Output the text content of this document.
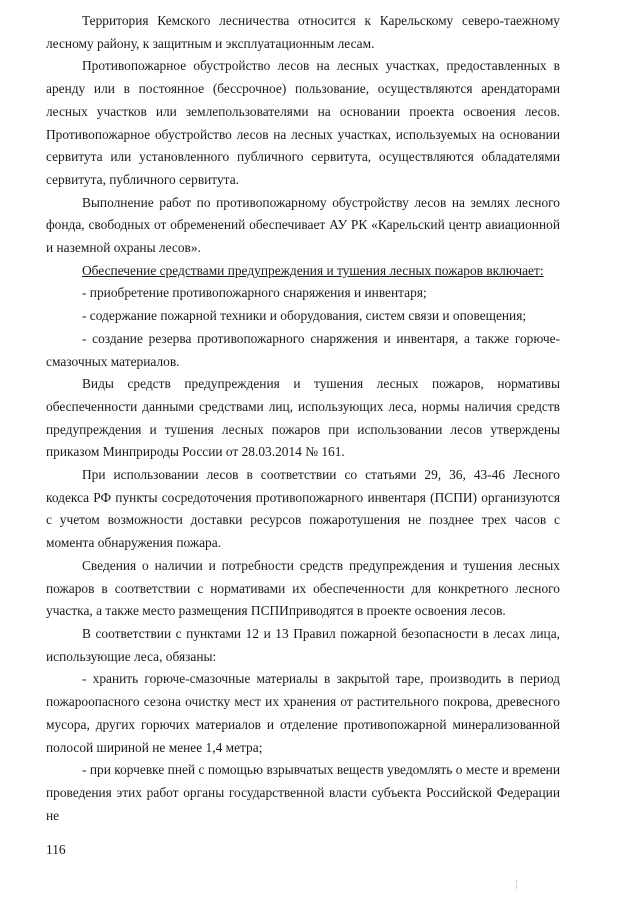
Территория Кемского лесничества относится к Карельскому северо-таежному лесному району, к защитным и эксплуатационным лесам.

Противопожарное обустройство лесов на лесных участках, предоставленных в аренду или в постоянное (бессрочное) пользование, осуществляются арендаторами лесных участков или землепользователями на основании проекта освоения лесов. Противопожарное обустройство лесов на лесных участках, используемых на основании сервитута или установленного публичного сервитута, осуществляются обладателями сервитута, публичного сервитута.

Выполнение работ по противопожарному обустройству лесов на землях лесного фонда, свободных от обременений обеспечивает АУ РК «Карельский центр авиационной и наземной охраны лесов».

Обеспечение средствами предупреждения и тушения лесных пожаров включает:

- приобретение противопожарного снаряжения и инвентаря;

- содержание пожарной техники и оборудования, систем связи и оповещения;

- создание резерва противопожарного снаряжения и инвентаря, а также горюче-смазочных материалов.

Виды средств предупреждения и тушения лесных пожаров, нормативы обеспеченности данными средствами лиц, использующих леса, нормы наличия средств предупреждения и тушения лесных пожаров при использовании лесов утверждены приказом Минприроды России от 28.03.2014 № 161.

При использовании лесов в соответствии со статьями 29, 36, 43-46 Лесного кодекса РФ пункты сосредоточения противопожарного инвентаря (ПСПИ) организуются с учетом возможности доставки ресурсов пожаротушения не позднее трех часов с момента обнаружения пожара.

Сведения о наличии и потребности средств предупреждения и тушения лесных пожаров в соответствии с нормативами их обеспеченности для конкретного лесного участка, а также место размещения ПСПИприводятся в проекте освоения лесов.

В соответствии с пунктами 12 и 13 Правил пожарной безопасности в лесах лица, использующие леса, обязаны:

- хранить горюче-смазочные материалы в закрытой таре, производить в период пожароопасного сезона очистку мест их хранения от растительного покрова, древесного мусора, других горючих материалов и отделение противопожарной минерализованной полосой шириной не менее 1,4 метра;

- при корчевке пней с помощью взрывчатых веществ уведомлять о месте и времени проведения этих работ органы государственной власти субъекта Российской Федерации не

116
